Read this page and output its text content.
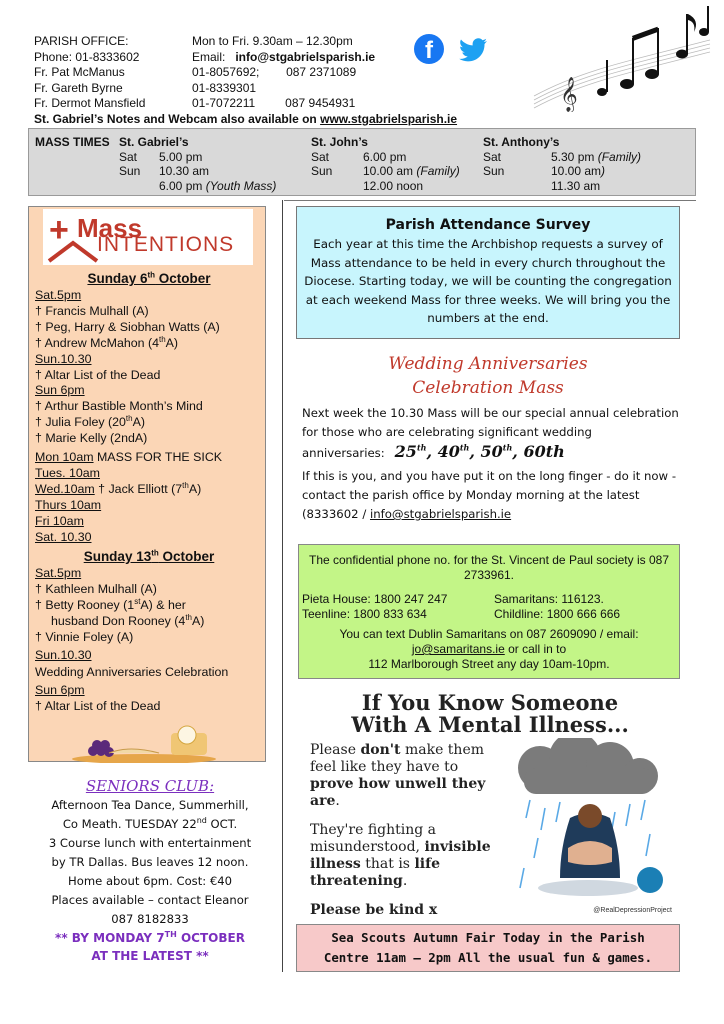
PARISH OFFICE:	Mon to Fri. 9.30am – 12.30pm
Phone: 01-8333602	Email: info@stgabrielsparish.ie
Fr. Pat McManus	01-8057692;        087 2371089
Fr. Gareth Byrne	01-8339301
Fr. Dermot Mansfield	01-7072211         087 9454931
St. Gabriel’s Notes and Webcam also available on www.stgabrielsparish.ie
f
𝄞
MASS TIMES St. Gabriel’s
Sat	5.00 pm
Sun	10.30 am
6.00 pm (Youth Mass)
St. John’s
Sat	6.00 pm
Sun	10.00 am (Family)
12.00 noon
St. Anthony’s
Sat	5.30 pm (Family)
Sun	10.00 am)
11.30 am
+ Mass
INTENTIONS
Sunday 6th October
Sat.5pm
† Francis Mulhall (A)
† Peg, Harry & Siobhan Watts (A)
† Andrew McMahon (4thA)
Sun.10.30
† Altar List of the Dead
Sun 6pm
† Arthur Bastible Month’s Mind
† Julia Foley (20thA)
† Marie Kelly (2ndA)
Mon 10am MASS FOR THE SICK
Tues. 10am
Wed.10am † Jack Elliott (7thA)
Thurs 10am
Fri 10am
Sat. 10.30
Sunday 13th October
Sat.5pm
† Kathleen Mulhall (A)
† Betty Rooney (1stA) & her
husband Don Rooney (4thA)
† Vinnie Foley (A)
Sun.10.30
Wedding Anniversaries Celebration
Sun 6pm
† Altar List of the Dead
SENIORS CLUB:
Afternoon Tea Dance, Summerhill,
Co Meath. TUESDAY 22nd OCT.
3 Course lunch with entertainment
by TR Dallas. Bus leaves 12 noon.
Home about 6pm. Cost: €40
Places available – contact Eleanor
087 8182833
** BY MONDAY 7TH OCTOBER
AT THE LATEST **
Parish Attendance Survey
Each year at this time the Archbishop requests a survey of Mass attendance to be held in every church throughout the Diocese. Starting today, we will be counting the congregation at each weekend Mass for three weeks. We will bring you the numbers at the end.
Wedding Anniversaries
Celebration Mass
Next week the 10.30 Mass will be our special annual celebration for those who are celebrating significant wedding anniversaries: 25th, 40th, 50th, 60th
If this is you, and you have put it on the long finger - do it now - contact the parish office by Monday morning at the latest (8333602 / info@stgabrielsparish.ie
The confidential phone no. for the St. Vincent de Paul society is 087 2733961.
Pieta House: 1800 247 247	Samaritans: 116123.
Teenline: 1800 833 634	Childline: 1800 666 666
You can text Dublin Samaritans on 087 2609090 / email: jo@samaritans.ie or call in to
112 Marlborough Street any day 10am-10pm.
If You Know Someone
With A Mental Illness...
Please don't make them feel like they have to prove how unwell they are.
They're fighting a misunderstood, invisible illness that is life threatening.
Please be kind x	@RealDepressionProject
Sea Scouts Autumn Fair Today in the Parish
Centre 11am – 2pm All the usual fun & games.
